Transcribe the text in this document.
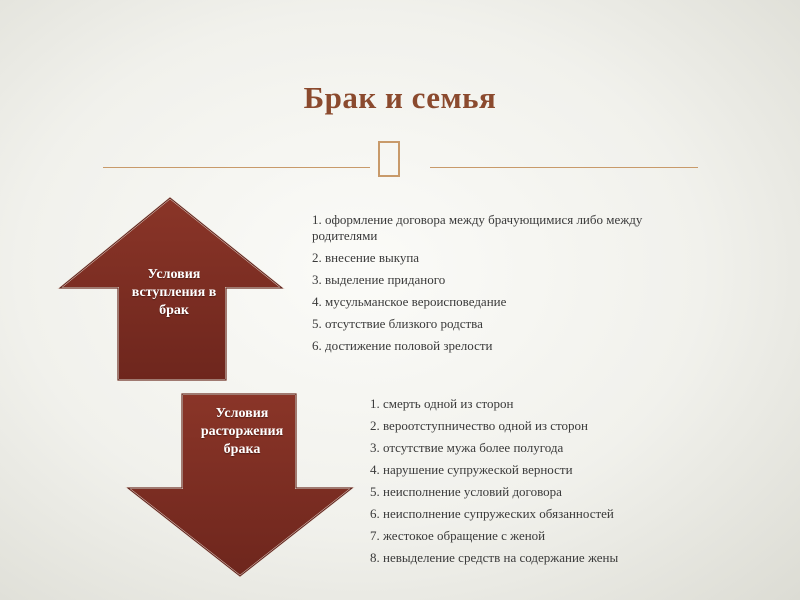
Брак и семья
Условия вступления в брак
Условия расторжения брака
1. оформление договора между брачующимися либо между родителями
2. внесение выкупа
3. выделение приданого
4. мусульманское вероисповедание
5. отсутствие близкого родства
6. достижение половой зрелости
1. смерть одной из сторон
2. вероотступничество одной из сторон
3. отсутствие мужа более полугода
4. нарушение супружеской верности
5. неисполнение условий договора
6. неисполнение супружеских обязанностей
7. жестокое обращение с женой
8. невыделение средств на содержание жены
